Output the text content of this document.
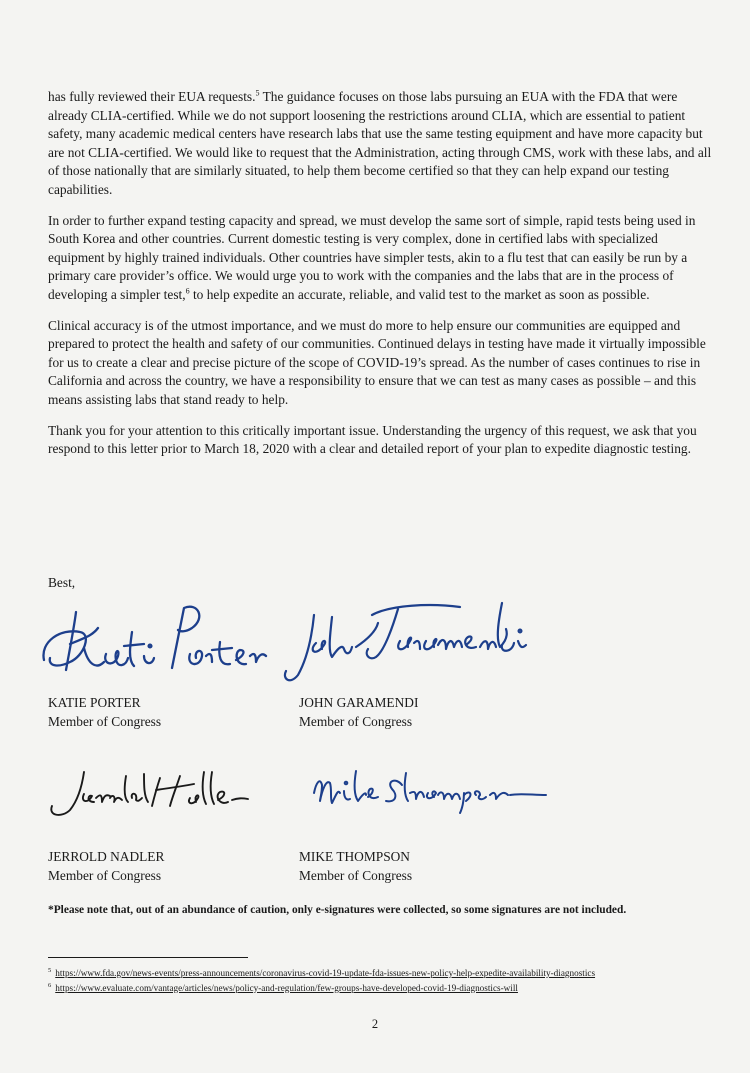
has fully reviewed their EUA requests.$^5$ The guidance focuses on those labs pursuing an EUA with the FDA that were already CLIA-certified. While we do not support loosening the restrictions around CLIA, which are essential to patient safety, many academic medical centers have research labs that use the same testing equipment and have more capacity but are not CLIA-certified. We would like to request that the Administration, acting through CMS, work with these labs, and all of those nationally that are similarly situated, to help them become certified so that they can help expand our testing capabilities.

In order to further expand testing capacity and spread, we must develop the same sort of simple, rapid tests being used in South Korea and other countries. Current domestic testing is very complex, done in certified labs with specialized equipment by highly trained individuals. Other countries have simpler tests, akin to a flu test that can easily be run by a primary care provider’s office. We would urge you to work with the companies and the labs that are in the process of developing a simpler test,$^6$ to help expedite an accurate, reliable, and valid test to the market as soon as possible.

Clinical accuracy is of the utmost importance, and we must do more to help ensure our communities are equipped and prepared to protect the health and safety of our communities. Continued delays in testing have made it virtually impossible for us to create a clear and precise picture of the scope of COVID-19’s spread. As the number of cases continues to rise in California and across the country, we have a responsibility to ensure that we can test as many cases as possible – and this means assisting labs that stand ready to help.

Thank you for your attention to this critically important issue. Understanding the urgency of this request, we ask that you respond to this letter prior to March 18, 2020 with a clear and detailed report of your plan to expedite diagnostic testing.

Best,
KATIE PORTER
Member of Congress
JOHN GARAMENDI
Member of Congress
JERROLD NADLER
Member of Congress
MIKE THOMPSON
Member of Congress
*Please note that, out of an abundance of caution, only e-signatures were collected, so some signatures are not included.

$^5$ https://www.fda.gov/news-events/press-announcements/coronavirus-covid-19-update-fda-issues-new-policy-help-expedite-availability-diagnostics

$^6$ https://www.evaluate.com/vantage/articles/news/policy-and-regulation/few-groups-have-developed-covid-19-diagnostics-will

2
